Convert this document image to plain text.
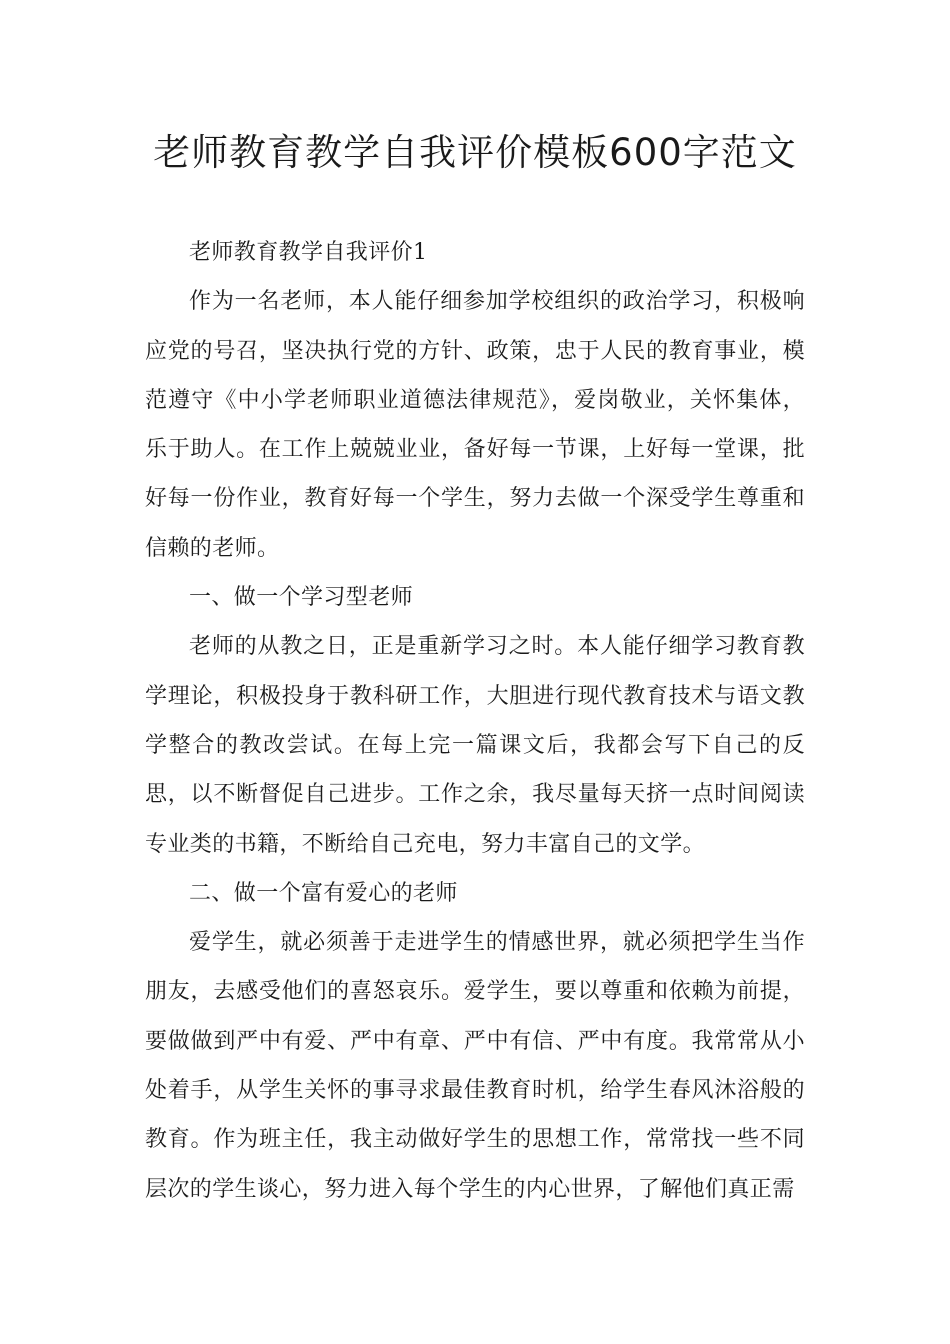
老师教育教学自我评价模板600字范文

老师教育教学自我评价1

作为一名老师，本人能仔细参加学校组织的政治学习，积极响应党的号召，坚决执行党的方针、政策，忠于人民的教育事业，模范遵守《中小学老师职业道德法律规范》，爱岗敬业，关怀集体，乐于助人。在工作上兢兢业业，备好每一节课，上好每一堂课，批好每一份作业，教育好每一个学生，努力去做一个深受学生尊重和信赖的老师。

一、做一个学习型老师

老师的从教之日，正是重新学习之时。本人能仔细学习教育教学理论，积极投身于教科研工作，大胆进行现代教育技术与语文教学整合的教改尝试。在每上完一篇课文后，我都会写下自己的反思，以不断督促自己进步。工作之余，我尽量每天挤一点时间阅读专业类的书籍，不断给自己充电，努力丰富自己的文学。

二、做一个富有爱心的老师

爱学生，就必须善于走进学生的情感世界，就必须把学生当作朋友，去感受他们的喜怒哀乐。爱学生，要以尊重和依赖为前提，要做做到严中有爱、严中有章、严中有信、严中有度。我常常从小处着手，从学生关怀的事寻求最佳教育时机，给学生春风沐浴般的教育。作为班主任，我主动做好学生的思想工作，常常找一些不同层次的学生谈心，努力进入每个学生的内心世界，了解他们真正需
